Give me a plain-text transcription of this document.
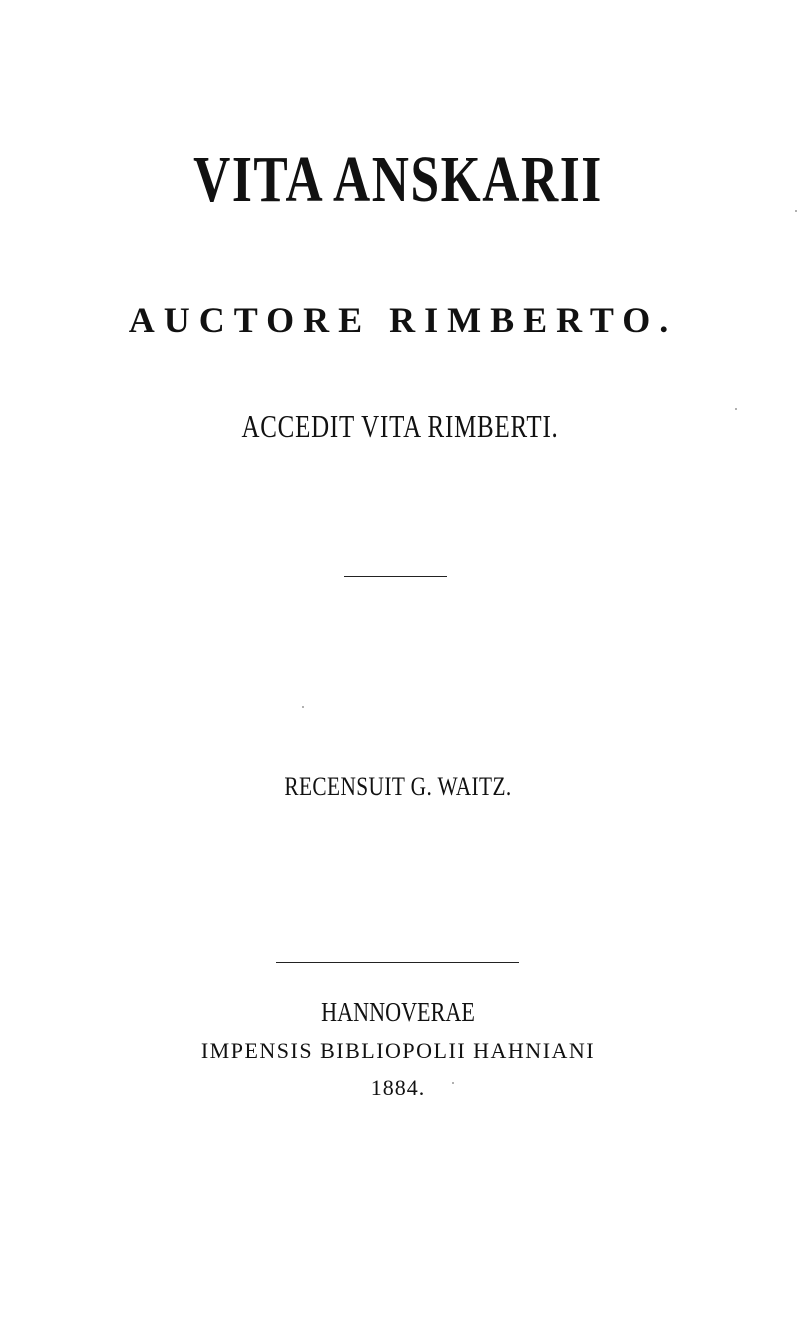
VITA ANSKARII
AUCTORE RIMBERTO.

ACCEDIT VITA RIMBERTI.

RECENSUIT G. WAITZ.

HANNOVERAE

IMPENSIS BIBLIOPOLII HAHNIANI

1884.
